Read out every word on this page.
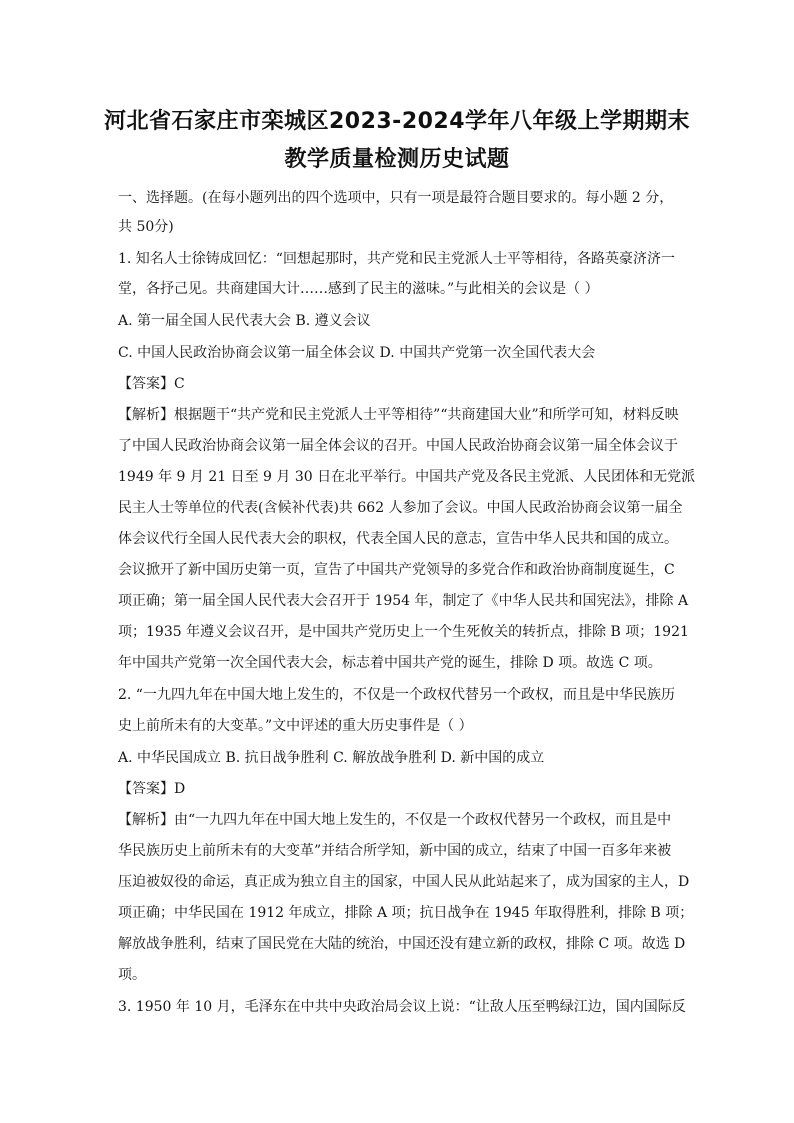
河北省石家庄市栾城区2023-2024学年八年级上学期期末
教学质量检测历史试题
一、选择题。(在每小题列出的四个选项中，只有一项是最符合题目要求的。每小题 2 分，
共 50分)
1. 知名人士徐铸成回忆：“回想起那时，共产党和民主党派人士平等相待，各路英豪济济一
堂，各抒己见。共商建国大计……感到了民主的滋味。”与此相关的会议是（ ）
A. 第一届全国人民代表大会 B. 遵义会议
C. 中国人民政治协商会议第一届全体会议 D. 中国共产党第一次全国代表大会
【答案】C
【解析】根据题干“共产党和民主党派人士平等相待”“共商建国大业”和所学可知，材料反映
了中国人民政治协商会议第一届全体会议的召开。中国人民政治协商会议第一届全体会议于
1949 年 9 月 21 日至 9 月 30 日在北平举行。中国共产党及各民主党派、人民团体和无党派
民主人士等单位的代表(含候补代表)共 662 人参加了会议。中国人民政治协商会议第一届全
体会议代行全国人民代表大会的职权，代表全国人民的意志，宣告中华人民共和国的成立。
会议掀开了新中国历史第一页，宣告了中国共产党领导的多党合作和政治协商制度诞生，C
项正确；第一届全国人民代表大会召开于 1954 年，制定了《中华人民共和国宪法》，排除 A
项；1935 年遵义会议召开，是中国共产党历史上一个生死攸关的转折点，排除 B 项；1921
年中国共产党第一次全国代表大会，标志着中国共产党的诞生，排除 D 项。故选 C 项。
2. “一九四九年在中国大地上发生的，不仅是一个政权代替另一个政权，而且是中华民族历
史上前所未有的大变革。”文中评述的重大历史事件是（ ）
A. 中华民国成立 B. 抗日战争胜利 C. 解放战争胜利 D. 新中国的成立
【答案】D
【解析】由“一九四九年在中国大地上发生的，不仅是一个政权代替另一个政权，而且是中
华民族历史上前所未有的大变革”并结合所学知，新中国的成立，结束了中国一百多年来被
压迫被奴役的命运，真正成为独立自主的国家，中国人民从此站起来了，成为国家的主人，D
项正确；中华民国在 1912 年成立，排除 A 项；抗日战争在 1945 年取得胜利，排除 B 项；
解放战争胜利，结束了国民党在大陆的统治，中国还没有建立新的政权，排除 C 项。故选 D
项。
3. 1950 年 10 月，毛泽东在中共中央政治局会议上说：“让敌人压至鸭绿江边，国内国际反
